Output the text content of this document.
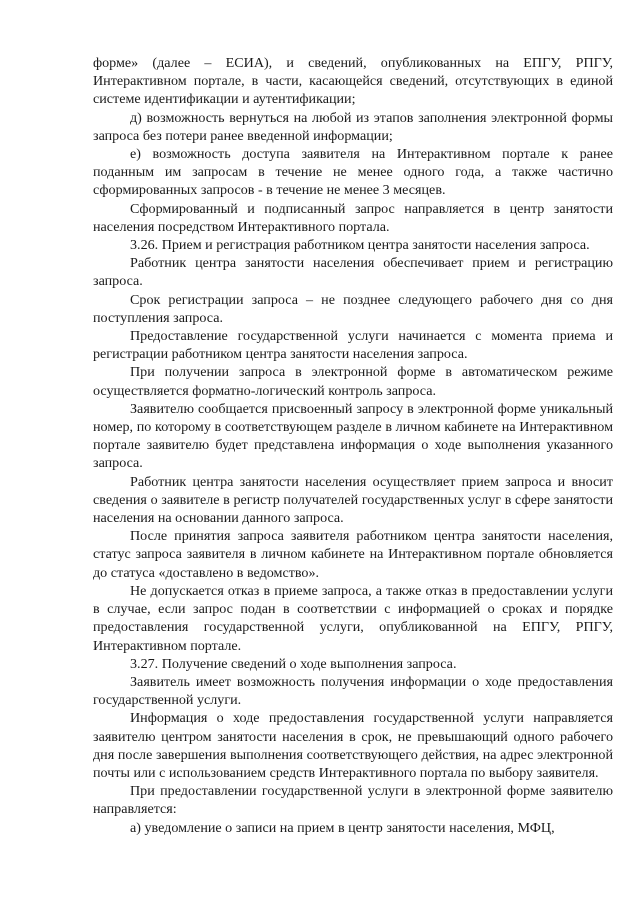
форме» (далее – ЕСИА), и сведений, опубликованных на ЕПГУ, РПГУ, Интерактивном портале, в части, касающейся сведений, отсутствующих в единой системе идентификации и аутентификации;

д) возможность вернуться на любой из этапов заполнения электронной формы запроса без потери ранее введенной информации;

е) возможность доступа заявителя на Интерактивном портале к ранее поданным им запросам в течение не менее одного года, а также частично сформированных запросов - в течение не менее 3 месяцев.

Сформированный и подписанный запрос направляется в центр занятости населения посредством Интерактивного портала.

3.26. Прием и регистрация работником центра занятости населения запроса.

Работник центра занятости населения обеспечивает прием и регистрацию запроса.

Срок регистрации запроса – не позднее следующего рабочего дня со дня поступления запроса.

Предоставление государственной услуги начинается с момента приема и регистрации работником центра занятости населения запроса.

При получении запроса в электронной форме в автоматическом режиме осуществляется форматно-логический контроль запроса.

Заявителю сообщается присвоенный запросу в электронной форме уникальный номер, по которому в соответствующем разделе в личном кабинете на Интерактивном портале заявителю будет представлена информация о ходе выполнения указанного запроса.

Работник центра занятости населения осуществляет прием запроса и вносит сведения о заявителе в регистр получателей государственных услуг в сфере занятости населения на основании данного запроса.

После принятия запроса заявителя работником центра занятости населения, статус запроса заявителя в личном кабинете на Интерактивном портале обновляется до статуса «доставлено в ведомство».

Не допускается отказ в приеме запроса, а также отказ в предоставлении услуги в случае, если запрос подан в соответствии с информацией о сроках и порядке предоставления государственной услуги, опубликованной на ЕПГУ, РПГУ, Интерактивном портале.

3.27. Получение сведений о ходе выполнения запроса.

Заявитель имеет возможность получения информации о ходе предоставления государственной услуги.

Информация о ходе предоставления государственной услуги направляется заявителю центром занятости населения в срок, не превышающий одного рабочего дня после завершения выполнения соответствующего действия, на адрес электронной почты или с использованием средств Интерактивного портала по выбору заявителя.

При предоставлении государственной услуги в электронной форме заявителю направляется:

а) уведомление о записи на прием в центр занятости населения, МФЦ,
